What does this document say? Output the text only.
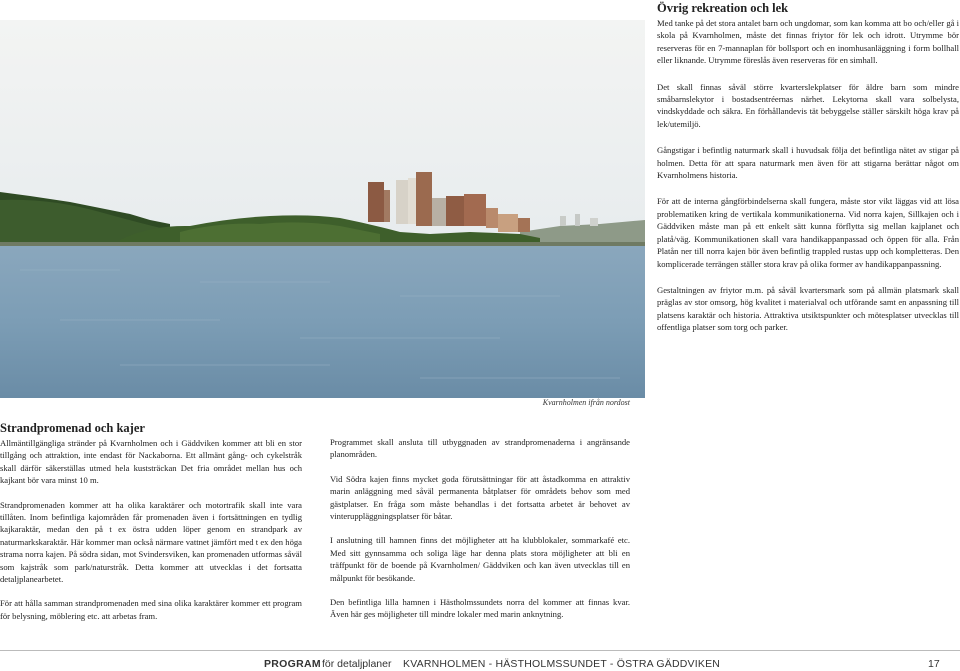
Kvarnholmen ifrån nordost
Övrig rekreation och lek

Med tanke på det stora antalet barn och ungdomar, som kan komma att bo och/eller gå i skola på Kvarnholmen, måste det finnas friytor för lek och idrott. Utrymme bör reserveras för en 7-mannaplan för bollsport och en inomhusanläggning i form bollhall eller liknande. Utrymme föreslås även reserveras för en simhall.

Det skall finnas såväl större kvarterslekplatser för äldre barn som mindre småbarnslekytor i bostadsentréernas närhet. Lekytorna skall vara solbelysta, vindskyddade och säkra. En förhållandevis tät bebyggelse ställer särskilt höga krav på lek/utemiljö.

Gångstigar i befintlig naturmark skall i huvudsak följa det befintliga nätet av stigar på holmen. Detta för att spara naturmark men även för att stigarna berättar något om Kvarnholmens historia.

För att de interna gångförbindelserna skall fungera, måste stor vikt läggas vid att lösa problematiken kring de vertikala kommunikationerna. Vid norra kajen, Sillkajen och i Gäddviken måste man på ett enkelt sätt kunna förflytta sig mellan kajplanet och platå/väg. Kommunikationen skall vara handikappanpassad och öppen för alla. Från Platån ner till norra kajen bör även befintlig trappled rustas upp och kompletteras. Den komplicerade terrängen ställer stora krav på olika former av handikappanpassning.

Gestaltningen av friytor m.m. på såväl kvartersmark som på allmän platsmark skall präglas av stor omsorg, hög kvalitet i materialval och utförande samt en anpassning till platsens karaktär och historia. Attraktiva utsiktspunkter och mötesplatser utvecklas till offentliga platser som torg och parker.

Strandpromenad och kajer

Allmäntillgängliga stränder på Kvarnholmen och i Gäddviken kommer att bli en stor tillgång och attraktion, inte endast för Nackaborna. Ett allmänt gång- och cykelstråk skall därför säkerställas utmed hela kuststräckan Det fria området mellan hus och kajkant bör vara minst 10 m.

Strandpromenaden kommer att ha olika karaktärer och motortrafik skall inte vara tillåten. Inom befintliga kajområden får promenaden även i fortsättningen en tydlig kajkaraktär, medan den på t ex östra udden löper genom en strandpark av naturmarkskaraktär. Här kommer man också närmare vattnet jämfört med t ex den höga strama norra kajen. På södra sidan, mot Svindersviken, kan promenaden utformas såväl som kajstråk som park/naturstråk. Detta kommer att utvecklas i det fortsatta detaljplanearbetet.

För att hålla samman strandpromenaden med sina olika karaktärer kommer ett program för belysning, möblering etc. att arbetas fram.

Programmet skall ansluta till utbyggnaden av strandpromenaderna i angränsande planområden.

Vid Södra kajen finns mycket goda förutsättningar för att åstadkomma en attraktiv marin anläggning med såväl permanenta båtplatser för områdets behov som med gästplatser. En fråga som måste behandlas i det fortsatta arbetet är behovet av vinteruppläggningsplatser för båtar.

I anslutning till hamnen finns det möjligheter att ha klubblokaler, sommarkafé etc. Med sitt gynnsamma och soliga läge har denna plats stora möjligheter att bli en träffpunkt för de boende på Kvarnholmen/ Gäddviken och kan även utvecklas till en målpunkt för besökande.

Den befintliga lilla hamnen i Hästholmssundets norra del kommer att finnas kvar. Även här ges möjligheter till mindre lokaler med marin anknytning.

PROGRAM för detaljplaner KVARNHOLMEN - HÄSTHOLMSSUNDET - ÖSTRA GÄDDVIKEN	17
